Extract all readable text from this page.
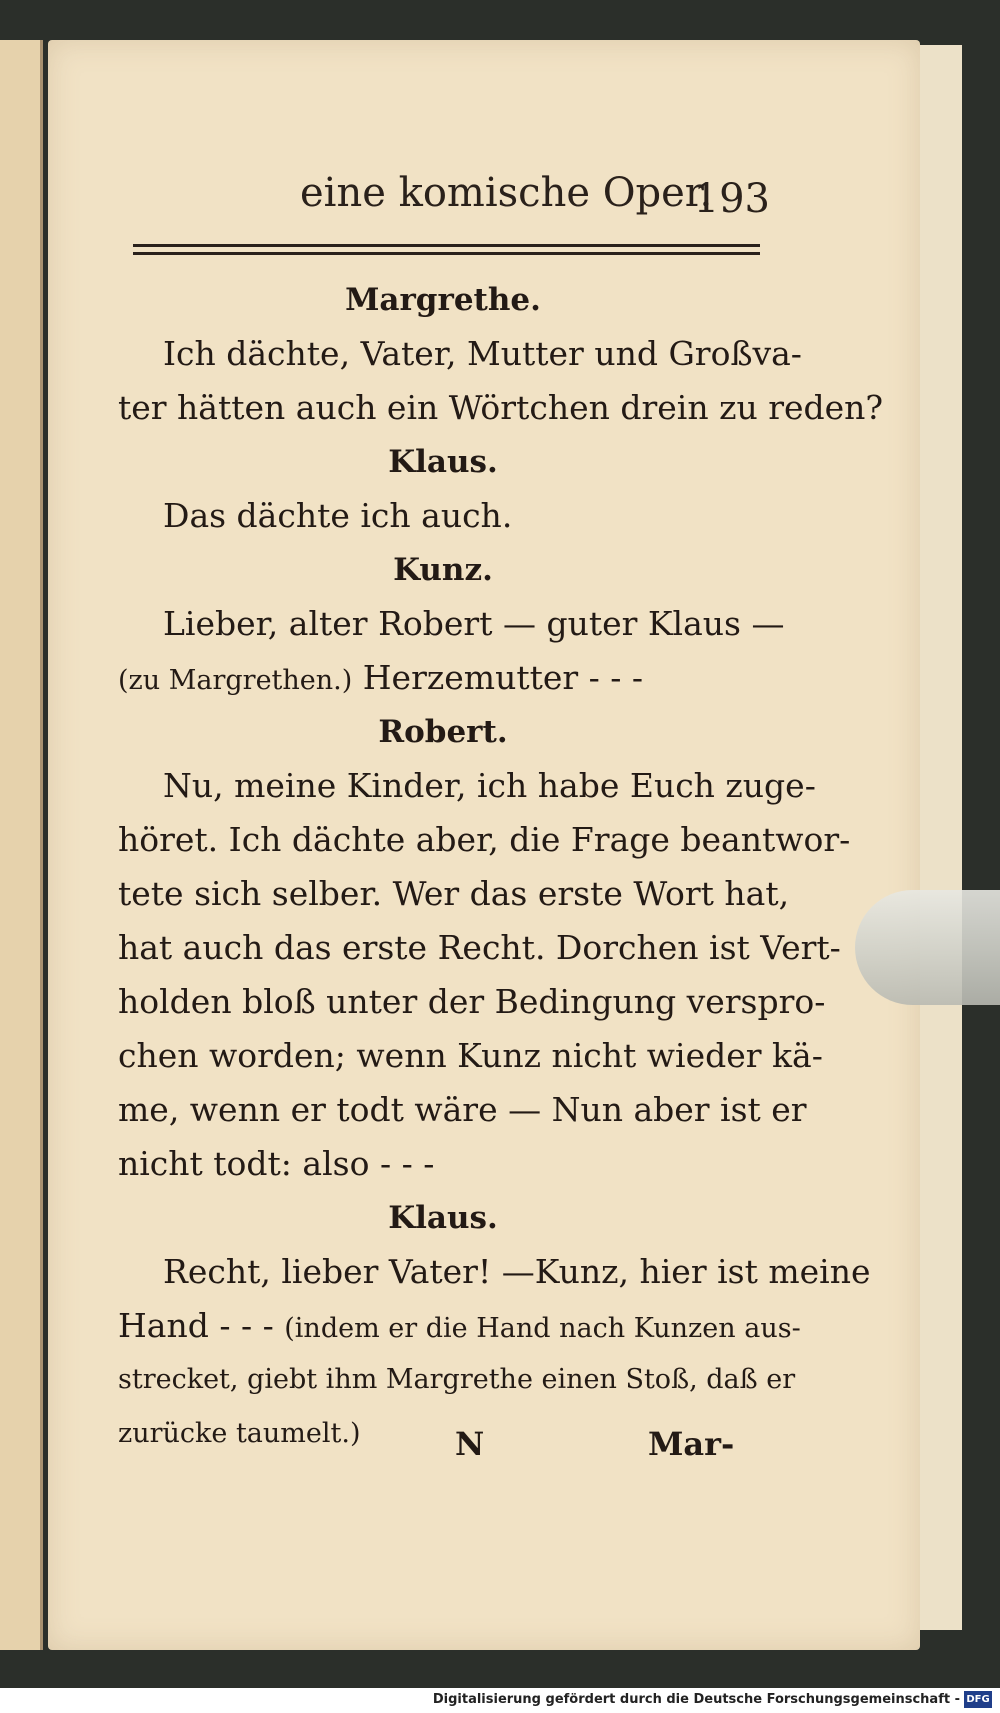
eine komische Oper.
193
Margrethe.
Ich dächte, Vater, Mutter und Großva-
ter hätten auch ein Wörtchen drein zu reden?
Klaus.
Das dächte ich auch.
Kunz.
Lieber, alter Robert — guter Klaus —
(zu Margrethen.) Herzemutter - - -
Robert.
Nu, meine Kinder, ich habe Euch zuge-
höret. Ich dächte aber, die Frage beantwor-
tete sich selber. Wer das erste Wort hat,
hat auch das erste Recht. Dorchen ist Vert-
holden bloß unter der Bedingung verspro-
chen worden; wenn Kunz nicht wieder kä-
me, wenn er todt wäre — Nun aber ist er
nicht todt: also - - -
Klaus.
Recht, lieber Vater! —Kunz, hier ist meine
Hand - - - (indem er die Hand nach Kunzen aus-
strecket, giebt ihm Margrethe einen Stoß, daß er
zurücke taumelt.)	N	Mar-
Digitalisierung gefördert durch die Deutsche Forschungsgemeinschaft - DFG
